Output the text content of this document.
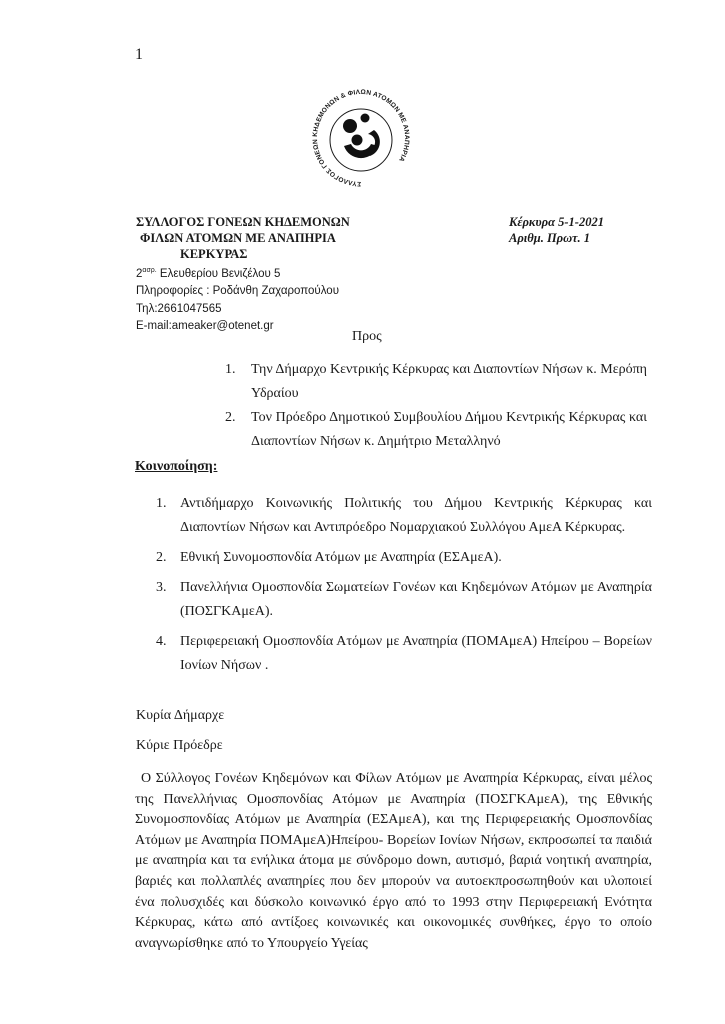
1
ΣΥΛΛΟΓΟΣ ΓΟΝΕΩΝ ΚΗΔΕΜΟΝΩΝ & ΦΙΛΩΝ ΑΤΟΜΩΝ ΜΕ ΑΝΑΠΗΡΙΑ
ΣΥΛΛΟΓΟΣ ΓΟΝΕΩΝ ΚΗΔΕΜΟΝΩΝ
ΦΙΛΩΝ ΑΤΟΜΩΝ ΜΕ ΑΝΑΠΗΡΙΑ
ΚΕΡΚΥΡΑΣ
Κέρκυρα 5-1-2021
Αριθμ. Πρωτ. 1
$2^{\alpha\sigma\rho.}$ Ελευθερίου Βενιζέλου 5
Πληροφορίες : Ροδάνθη Ζαχαροπούλου
Τηλ:2661047565
E-mail:ameaker@otenet.gr
Προς
1. Την Δήμαρχο Κεντρικής Κέρκυρας και Διαποντίων Νήσων κ. Μερόπη Υδραίου
2. Τον Πρόεδρο Δημοτικού Συμβουλίου Δήμου Κεντρικής Κέρκυρας και Διαποντίων Νήσων κ. Δημήτριο Μεταλληνό
Κοινοποίηση:
1. Αντιδήμαρχο Κοινωνικής Πολιτικής του Δήμου Κεντρικής Κέρκυρας και Διαποντίων Νήσων και Αντιπρόεδρο Νομαρχιακού Συλλόγου ΑμεΑ Κέρκυρας.
2. Εθνική Συνομοσπονδία Ατόμων με Αναπηρία (ΕΣΑμεΑ).
3. Πανελλήνια Ομοσπονδία Σωματείων Γονέων και Κηδεμόνων Ατόμων με Αναπηρία (ΠΟΣΓΚΑμεΑ).
4. Περιφερειακή Ομοσπονδία Ατόμων με Αναπηρία (ΠΟΜΑμεΑ) Ηπείρου – Βορείων Ιονίων Νήσων .
Κυρία Δήμαρχε
Κύριε Πρόεδρε

Ο Σύλλογος Γονέων Κηδεμόνων και Φίλων Ατόμων με Αναπηρία Κέρκυρας, είναι μέλος της Πανελλήνιας Ομοσπονδίας Ατόμων με Αναπηρία (ΠΟΣΓΚΑμεΑ), της Εθνικής Συνομοσπονδίας Ατόμων με Αναπηρία (ΕΣΑμεΑ), και της Περιφερειακής Ομοσπονδίας Ατόμων με Αναπηρία ΠΟΜΑμεΑ)Ηπείρου- Βορείων Ιονίων Νήσων, εκπροσωπεί τα παιδιά με αναπηρία και τα ενήλικα άτομα με σύνδρομο down, αυτισμό, βαριά νοητική αναπηρία, βαριές και πολλαπλές αναπηρίες που δεν μπορούν να αυτοεκπροσωπηθούν και υλοποιεί ένα πολυσχιδές και δύσκολο κοινωνικό έργο από το 1993 στην Περιφερειακή Ενότητα Κέρκυρας, κάτω από αντίξοες κοινωνικές και οικονομικές συνθήκες, έργο το οποίο αναγνωρίσθηκε από το Υπουργείο Υγείας
